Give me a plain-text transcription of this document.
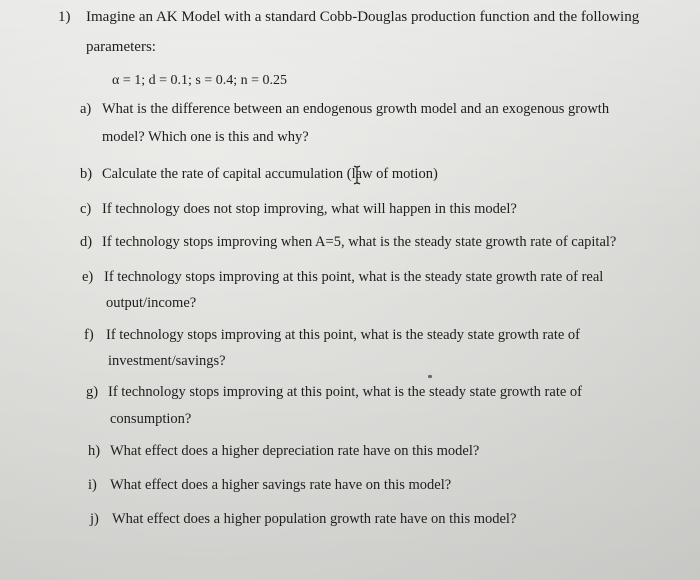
1) Imagine an AK Model with a standard Cobb-Douglas production function and the following
parameters:
α = 1; d = 0.1; s = 0.4; n = 0.25
a) What is the difference between an endogenous growth model and an exogenous growth
model? Which one is this and why?
b) Calculate the rate of capital accumulation (law of motion)
c) If technology does not stop improving, what will happen in this model?
d) If technology stops improving when A=5, what is the steady state growth rate of capital?
e) If technology stops improving at this point, what is the steady state growth rate of real
output/income?
f) If technology stops improving at this point, what is the steady state growth rate of
investment/savings?
g) If technology stops improving at this point, what is the steady state growth rate of
consumption?
h) What effect does a higher depreciation rate have on this model?
i) What effect does a higher savings rate have on this model?
j) What effect does a higher population growth rate have on this model?
